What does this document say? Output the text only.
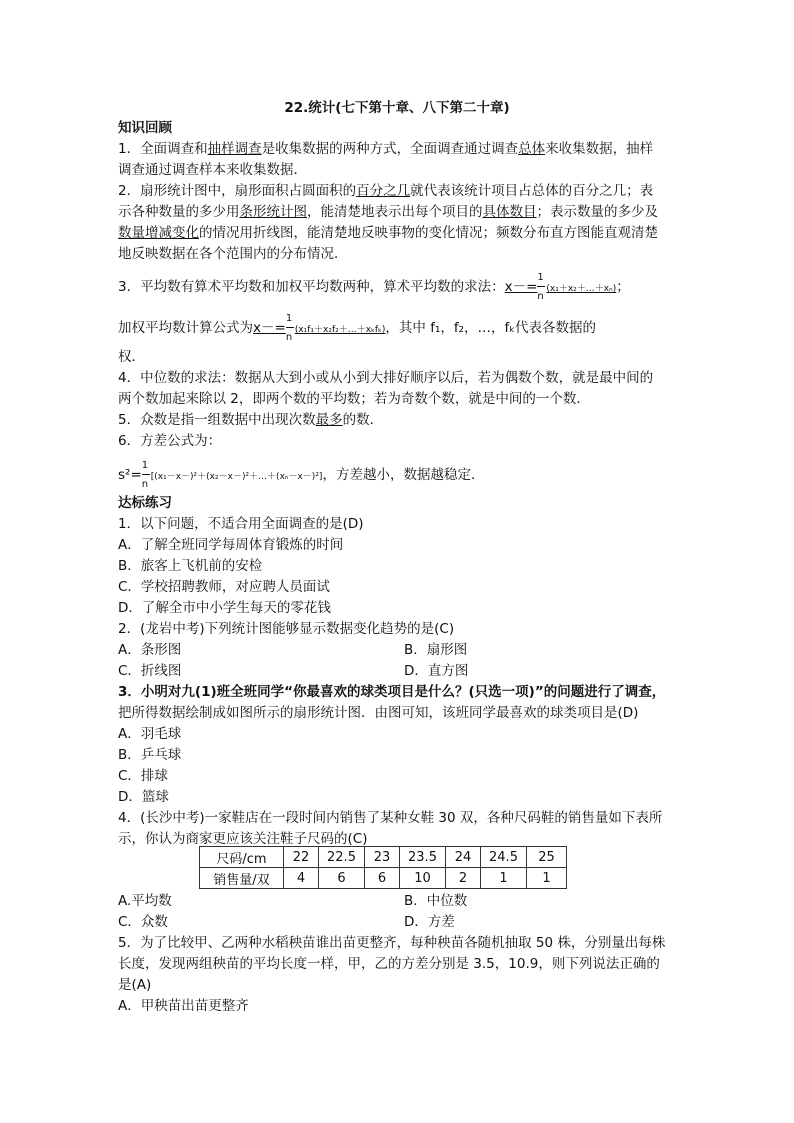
22.统计(七下第十章、八下第二十章)
知识回顾
1．全面调查和抽样调查是收集数据的两种方式，全面调查通过调查总体来收集数据，抽样
调查通过调查样本来收集数据．
2．扇形统计图中，扇形面积占圆面积的百分之几就代表该统计项目占总体的百分之几；表
示各种数量的多少用条形统计图，能清楚地表示出每个项目的具体数目；表示数量的多少及
数量增减变化的情况用折线图，能清楚地反映事物的变化情况；频数分布直方图能直观清楚
地反映数据在各个范围内的分布情况．
3．平均数有算术平均数和加权平均数两种，算术平均数的求法：$x-= \frac{1}{n}$ (x₁＋x₂＋…＋xₙ)；
加权平均数计算公式为$x-= \frac{1}{n}$ (x₁f₁＋x₂f₂＋…＋xₖfₖ)，其中 f₁，f₂，…，fₖ代表各数据的
权．
4．中位数的求法：数据从大到小或从小到大排好顺序以后，若为偶数个数，就是最中间的
两个数加起来除以 2，即两个数的平均数；若为奇数个数，就是中间的一个数．
5．众数是指一组数据中出现次数最多的数．
6．方差公式为：
$s^2= \frac{1}{n}$ [(x₁－x－)²＋(x₂－x－)²＋…＋(xₙ－x－)²]，方差越小，数据越稳定．
达标练习
1．以下问题，不适合用全面调查的是(D)
A．了解全班同学每周体育锻炼的时间
B．旅客上飞机前的安检
C．学校招聘教师，对应聘人员面试
D．了解全市中小学生每天的零花钱
2．(龙岩中考)下列统计图能够显示数据变化趋势的是(C)
A．条形图	B．扇形图
C．折线图	D．直方图
3．小明对九(1)班全班同学“你最喜欢的球类项目是什么？(只选一项)”的问题进行了调查，
把所得数据绘制成如图所示的扇形统计图．由图可知，该班同学最喜欢的球类项目是(D)
A．羽毛球
B．乒乓球
C．排球
D．篮球
4．(长沙中考)一家鞋店在一段时间内销售了某种女鞋 30 双，各种尺码鞋的销售量如下表所
示，你认为商家更应该关注鞋子尺码的(C)
尺码/cm	22	22.5	23	23.5	24	24.5	25
销售量/双	4	6	6	10	2	1	1
A.平均数	B．中位数
C．众数	D．方差
5．为了比较甲、乙两种水稻秧苗谁出苗更整齐，每种秧苗各随机抽取 50 株，分别量出每株
长度，发现两组秧苗的平均长度一样，甲，乙的方差分别是 3.5，10.9，则下列说法正确的
是(A)
A．甲秧苗出苗更整齐
